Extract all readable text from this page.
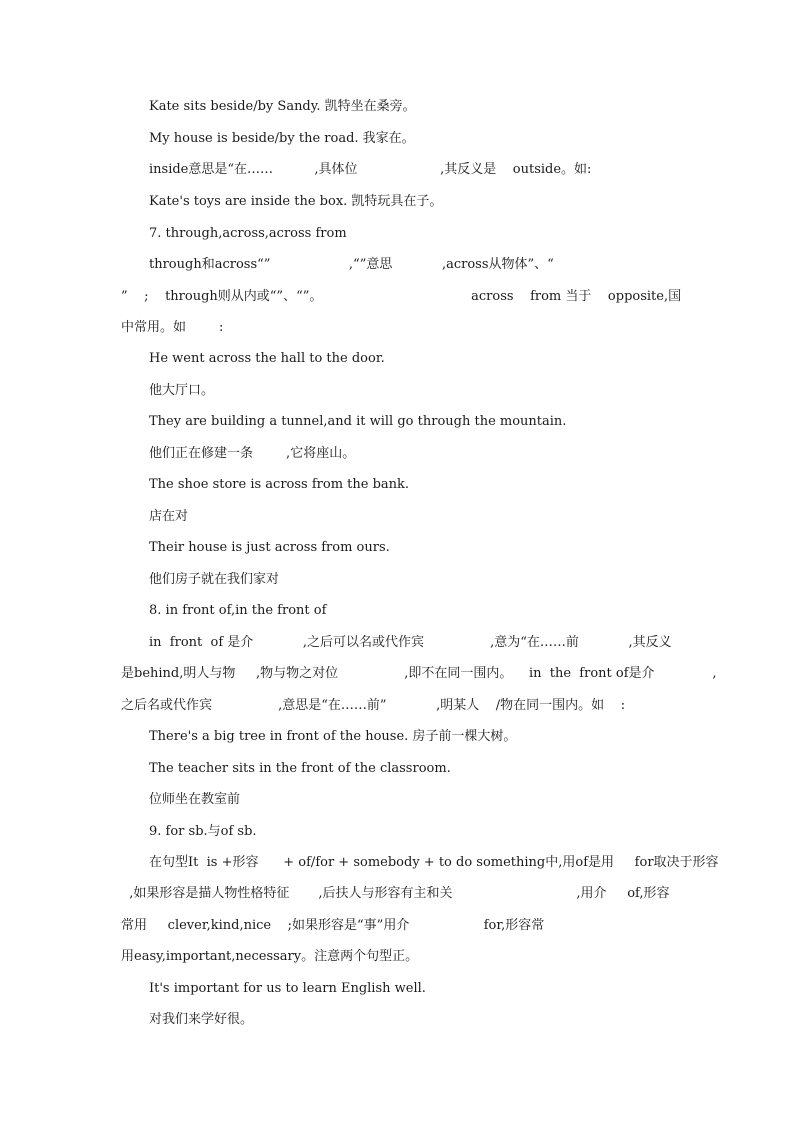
Kate sits beside/by Sandy. 凯特坐在桑旁。
My house is beside/by the road. 我家在。
inside意思是“在……          ,具体位                    ,其反义是    outside。如:
Kate's toys are inside the box. 凯特玩具在子。
7. through,across,across from
through和across“”                   ,“”意思            ,across从物体”、“
”    ;    through则从内或“”、“”。                                    across    from 当于    opposite,国
中常用。如        :
He went across the hall to the door.
他大厅口。
They are building a tunnel,and it will go through the mountain.
他们正在修建一条        ,它将座山。
The shoe store is across from the bank.
店在对
Their house is just across from ours.
他们房子就在我们家对
8. in front of,in the front of
in  front  of 是介            ,之后可以名或代作宾                ,意为“在……前            ,其反义
是behind,明人与物     ,物与物之对位                ,即不在同一围内。    in  the  front of是介              ,
之后名或代作宾                ,意思是“在……前”            ,明某人    /物在同一围内。如    :
There's a big tree in front of the house. 房子前一棵大树。
The teacher sits in the front of the classroom.
位师坐在教室前
9. for sb.与of sb.
在句型It  is +形容      + of/for + somebody + to do something中,用of是用     for取决于形容
,如果形容是描人物性格特征       ,后扶人与形容有主和关                              ,用介     of,形容
常用     clever,kind,nice    ;如果形容是“事”用介                  for,形容常
用easy,important,necessary。注意两个句型正。
It's important for us to learn English well.
对我们来学好很。
